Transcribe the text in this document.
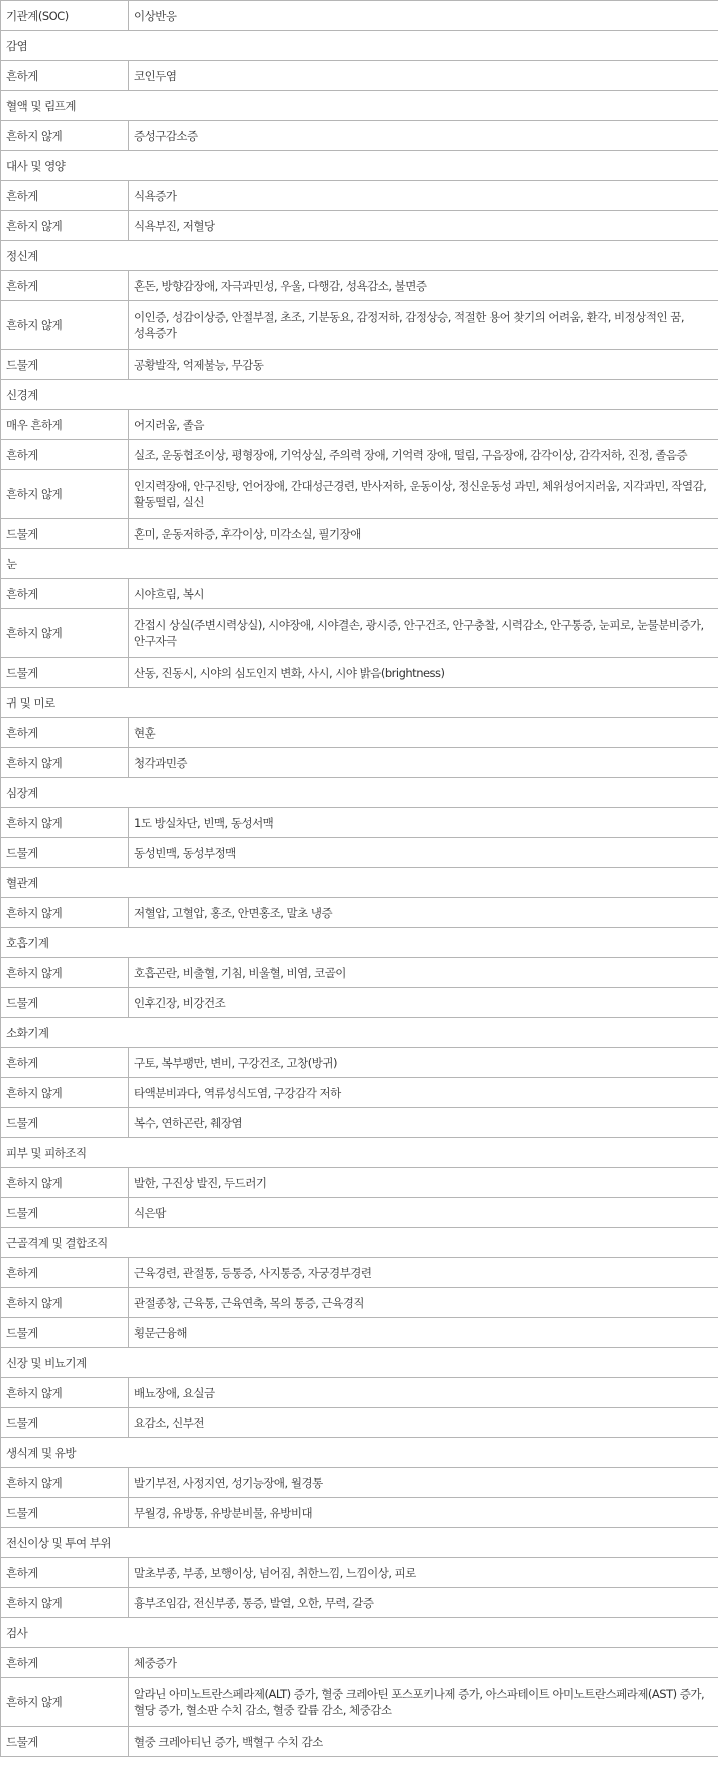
기관계(SOC)	이상반응
감염	
흔하게	코인두염
혈액 및 림프계	
흔하지 않게	증성구감소증
대사 및 영양	
흔하게	식욕증가
흔하지 않게	식욕부진, 저혈당
정신계	
흔하게	혼돈, 방향감장애, 자극과민성, 우울, 다행감, 성욕감소, 불면증
흔하지 않게	이인증, 성감이상증, 안절부절, 초조, 기분동요, 감정저하, 감정상승, 적절한 용어 찾기의 어려움, 환각, 비정상적인 꿈, 성욕증가
드물게	공황발작, 억제불능, 무감동
신경계	
매우 흔하게	어지러움, 졸음
흔하게	실조, 운동협조이상, 평형장애, 기억상실, 주의력 장애, 기억력 장애, 떨림, 구음장애, 감각이상, 감각저하, 진정, 졸음증
흔하지 않게	인지력장애, 안구진탕, 언어장애, 간대성근경련, 반사저하, 운동이상, 정신운동성 과민, 체위성어지러움, 지각과민, 작열감, 활동떨림, 실신
드물게	혼미, 운동저하증, 후각이상, 미각소실, 필기장애
눈	
흔하게	시야흐림, 복시
흔하지 않게	간접시 상실(주변시력상실), 시야장애, 시야결손, 광시증, 안구건조, 안구충찰, 시력감소, 안구통증, 눈피로, 눈물분비증가, 안구자극
드물게	산동, 진동시, 시야의 심도인지 변화, 사시, 시야 밝음(brightness)
귀 및 미로	
흔하게	현훈
흔하지 않게	청각과민증
심장계	
흔하지 않게	1도 방실차단, 빈맥, 동성서맥
드물게	동성빈맥, 동성부정맥
혈관계	
흔하지 않게	저혈압, 고혈압, 홍조, 안면홍조, 말초 냉증
호흡기계	
흔하지 않게	호흡곤란, 비출혈, 기침, 비울혈, 비염, 코골이
드물게	인후긴장, 비강건조
소화기계	
흔하게	구토, 복부팽만, 변비, 구강건조, 고창(방귀)
흔하지 않게	타액분비과다, 역류성식도염, 구강감각 저하
드물게	복수, 연하곤란, 췌장염
피부 및 피하조직	
흔하지 않게	발한, 구진상 발진, 두드러기
드물게	식은땀
근골격계 및 결합조직	
흔하게	근육경련, 관절통, 등통증, 사지통증, 자궁경부경련
흔하지 않게	관절종창, 근육통, 근육연축, 목의 통증, 근육경직
드물게	횡문근융해
신장 및 비뇨기계	
흔하지 않게	배뇨장애, 요실금
드물게	요감소, 신부전
생식계 및 유방	
흔하지 않게	발기부전, 사정지연, 성기능장애, 월경통
드물게	무월경, 유방통, 유방분비물, 유방비대
전신이상 및 투여 부위	
흔하게	말초부종, 부종, 보행이상, 넘어짐, 취한느낌, 느낌이상, 피로
흔하지 않게	흉부조임감, 전신부종, 통증, 발열, 오한, 무력, 갈증
검사	
흔하게	체중증가
흔하지 않게	알라닌 아미노트란스페라제(ALT) 증가, 혈중 크레아틴 포스포키나제 증가, 아스파테이트 아미노트란스페라제(AST) 증가, 혈당 증가, 혈소판 수치 감소, 혈중 칼륨 감소, 체중감소
드물게	혈중 크레아티닌 증가, 백혈구 수치 감소
